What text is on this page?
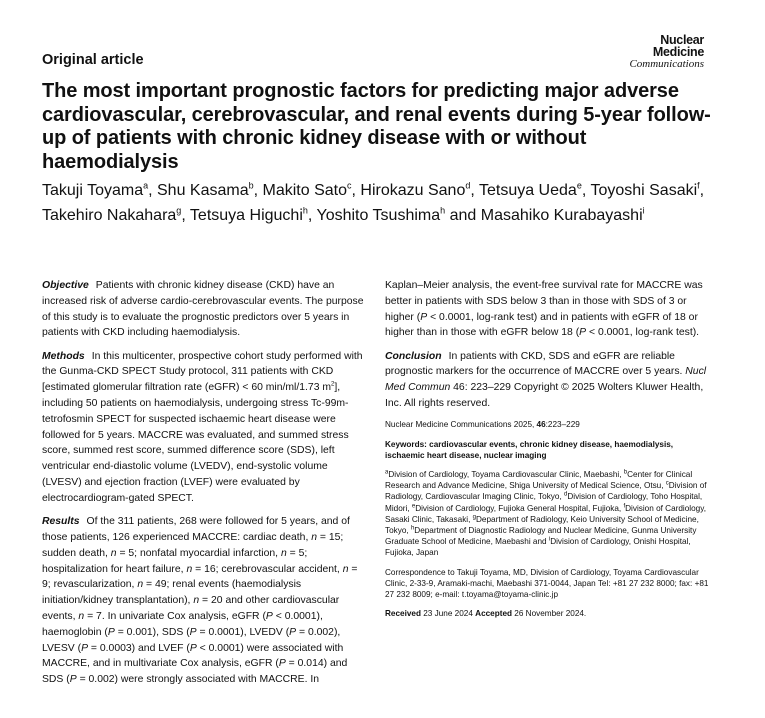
Original article
Nuclear
Medicine
Communications
The most important prognostic factors for predicting major adverse cardiovascular, cerebrovascular, and renal events during 5-year follow-up of patients with chronic kidney disease with or without haemodialysis
Takuji Toyama$^a$, Shu Kasama$^b$, Makito Sato$^c$, Hirokazu Sano$^d$, Tetsuya Ueda$^e$, Toyoshi Sasaki$^f$, Takehiro Nakahara$^g$, Tetsuya Higuchi$^h$, Yoshito Tsushima$^h$ and Masahiko Kurabayashi$^i$

Objective Patients with chronic kidney disease (CKD) have an increased risk of adverse cardio-cerebrovascular events. The purpose of this study is to evaluate the prognostic predictors over 5 years in patients with CKD including haemodialysis.

Methods In this multicenter, prospective cohort study performed with the Gunma-CKD SPECT Study protocol, 311 patients with CKD [estimated glomerular filtration rate (eGFR) < 60 min/ml/1.73 $m^2$], including 50 patients on haemodialysis, undergoing stress Tc-99m-tetrofosmin SPECT for suspected ischaemic heart disease were followed for 5 years. MACCRE was evaluated, and summed stress score, summed rest score, summed difference score (SDS), left ventricular end-diastolic volume (LVEDV), end-systolic volume (LVESV) and ejection fraction (LVEF) were evaluated by electrocardiogram-gated SPECT.

Results Of the 311 patients, 268 were followed for 5 years, and of those patients, 126 experienced MACCRE: cardiac death, n = 15; sudden death, n = 5; nonfatal myocardial infarction, n = 5; hospitalization for heart failure, n = 16; cerebrovascular accident, n = 9; revascularization, n = 49; renal events (haemodialysis initiation/kidney transplantation), n = 20 and other cardiovascular events, n = 7. In univariate Cox analysis, eGFR (P < 0.0001), haemoglobin (P = 0.001), SDS (P = 0.0001), LVEDV (P = 0.002), LVESV (P = 0.0003) and LVEF (P < 0.0001) were associated with MACCRE, and in multivariate Cox analysis, eGFR (P = 0.014) and SDS (P = 0.002) were strongly associated with MACCRE. In

Kaplan–Meier analysis, the event-free survival rate for MACCRE was better in patients with SDS below 3 than in those with SDS of 3 or higher (P < 0.0001, log-rank test) and in patients with eGFR of 18 or higher than in those with eGFR below 18 (P < 0.0001, log-rank test).

Conclusion In patients with CKD, SDS and eGFR are reliable prognostic markers for the occurrence of MACCRE over 5 years. Nucl Med Commun 46: 223–229 Copyright © 2025 Wolters Kluwer Health, Inc. All rights reserved.

Nuclear Medicine Communications 2025, 46:223–229

Keywords: cardiovascular events, chronic kidney disease, haemodialysis, ischaemic heart disease, nuclear imaging

$^a$Division of Cardiology, Toyama Cardiovascular Clinic, Maebashi, $^b$Center for Clinical Research and Advance Medicine, Shiga University of Medical Science, Otsu, $^c$Division of Radiology, Cardiovascular Imaging Clinic, Tokyo, $^d$Division of Cardiology, Toho Hospital, Midori, $^e$Division of Cardiology, Fujioka General Hospital, Fujioka, $^f$Division of Cardiology, Sasaki Clinic, Takasaki, $^g$Department of Radiology, Keio University School of Medicine, Tokyo, $^h$Department of Diagnostic Radiology and Nuclear Medicine, Gunma University Graduate School of Medicine, Maebashi and $^i$Division of Cardiology, Onishi Hospital, Fujioka, Japan

Correspondence to Takuji Toyama, MD, Division of Cardiology, Toyama Cardiovascular Clinic, 2-33-9, Aramaki-machi, Maebashi 371-0044, Japan Tel: +81 27 232 8000; fax: +81 27 232 8009; e-mail: t.toyama@toyama-clinic.jp

Received 23 June 2024 Accepted 26 November 2024.
